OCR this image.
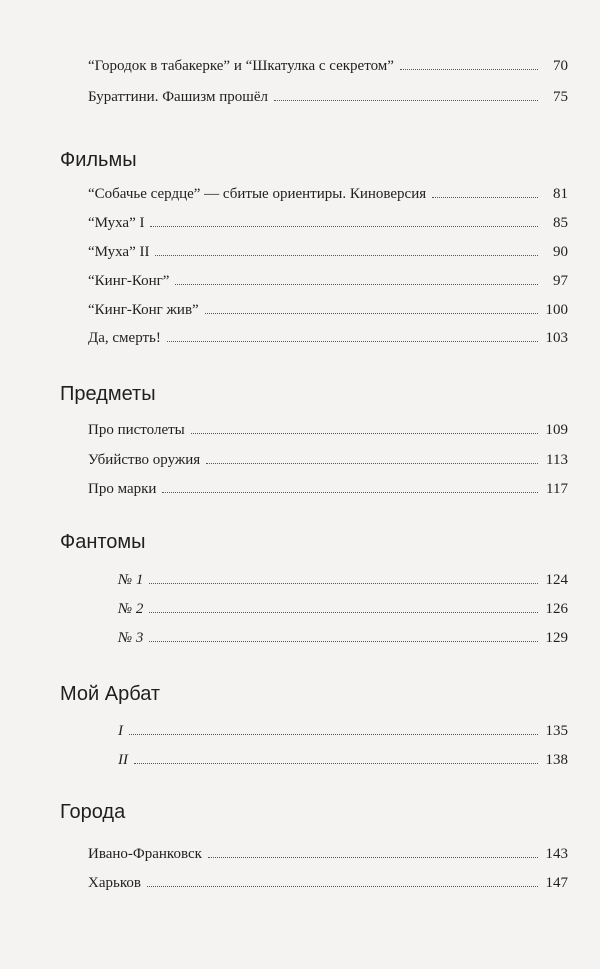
“Городок в табакерке” и “Шкатулка с секретом”	70
Бураттини. Фашизм прошёл	75
Фильмы
“Собачье сердце” — сбитые ориентиры. Киноверсия	81
“Муха” I	85
“Муха” II	90
“Кинг-Конг”	97
“Кинг-Конг жив”	100
Да, смерть!	103
Предметы
Про пистолеты	109
Убийство оружия	113
Про марки	117
Фантомы
№ 1	124
№ 2	126
№ 3	129
Мой Арбат
I	135
II	138
Города
Ивано-Франковск	143
Харьков	147
